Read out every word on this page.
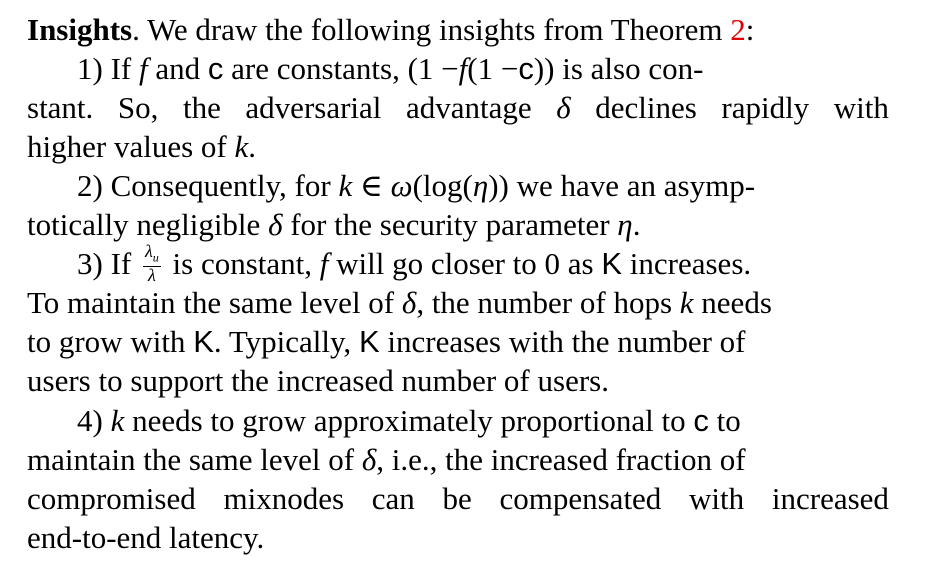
Insights. We draw the following insights from Theorem 2:
1) If f and c are constants, (1 −f(1 −c)) is also con-
stant. So, the adversarial advantage δ declines rapidly with
higher values of k.
2) Consequently, for k ∈ ω(log(η)) we have an asymp-
totically negligible δ for the security parameter η.
3) If $\frac{\lambda_u}{\lambda}$ is constant, f will go closer to 0 as K increases.
To maintain the same level of δ, the number of hops k needs
to grow with K. Typically, K increases with the number of
users to support the increased number of users.
4) k needs to grow approximately proportional to c to
maintain the same level of δ, i.e., the increased fraction of
compromised mixnodes can be compensated with increased
end-to-end latency.
